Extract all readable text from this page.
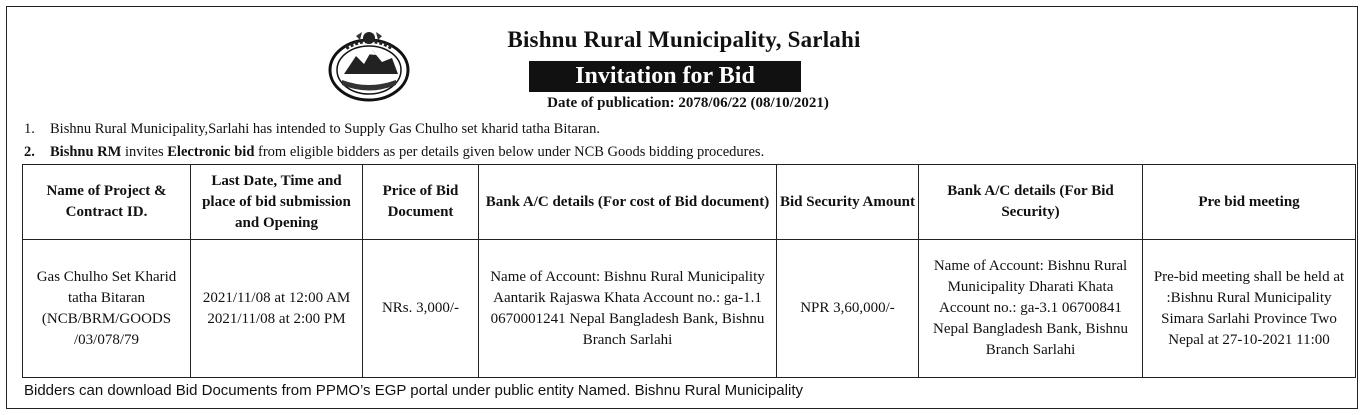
Bishnu Rural Municipality, Sarlahi
Invitation for Bid
Date of publication: 2078/06/22 (08/10/2021)
1. Bishnu Rural Municipality,Sarlahi has intended to Supply Gas Chulho set kharid tatha Bitaran.
2. Bishnu RM invites Electronic bid from eligible bidders as per details given below under NCB Goods bidding procedures.
Name of Project & Contract ID.	Last Date, Time and place of bid submission and Opening	Price of Bid Document	Bank A/C details (For cost of Bid document)	Bid Security Amount	Bank A/C details (For Bid Security)	Pre bid meeting
Gas Chulho Set Kharid tatha Bitaran (NCB/BRM/GOODS /03/078/79	2021/11/08 at 12:00 AM 2021/11/08 at 2:00 PM	NRs. 3,000/-	Name of Account: Bishnu Rural Municipality Aantarik Rajaswa Khata Account no.: ga-1.1 0670001241 Nepal Bangladesh Bank, Bishnu Branch Sarlahi	NPR 3,60,000/-	Name of Account: Bishnu Rural Municipality Dharati Khata Account no.: ga-3.1 06700841 Nepal Bangladesh Bank, Bishnu Branch Sarlahi	Pre-bid meeting shall be held at :Bishnu Rural Municipality Simara Sarlahi Province Two Nepal at 27-10-2021 11:00
Bidders can download Bid Documents from PPMO’s EGP portal under public entity Named. Bishnu Rural Municipality
